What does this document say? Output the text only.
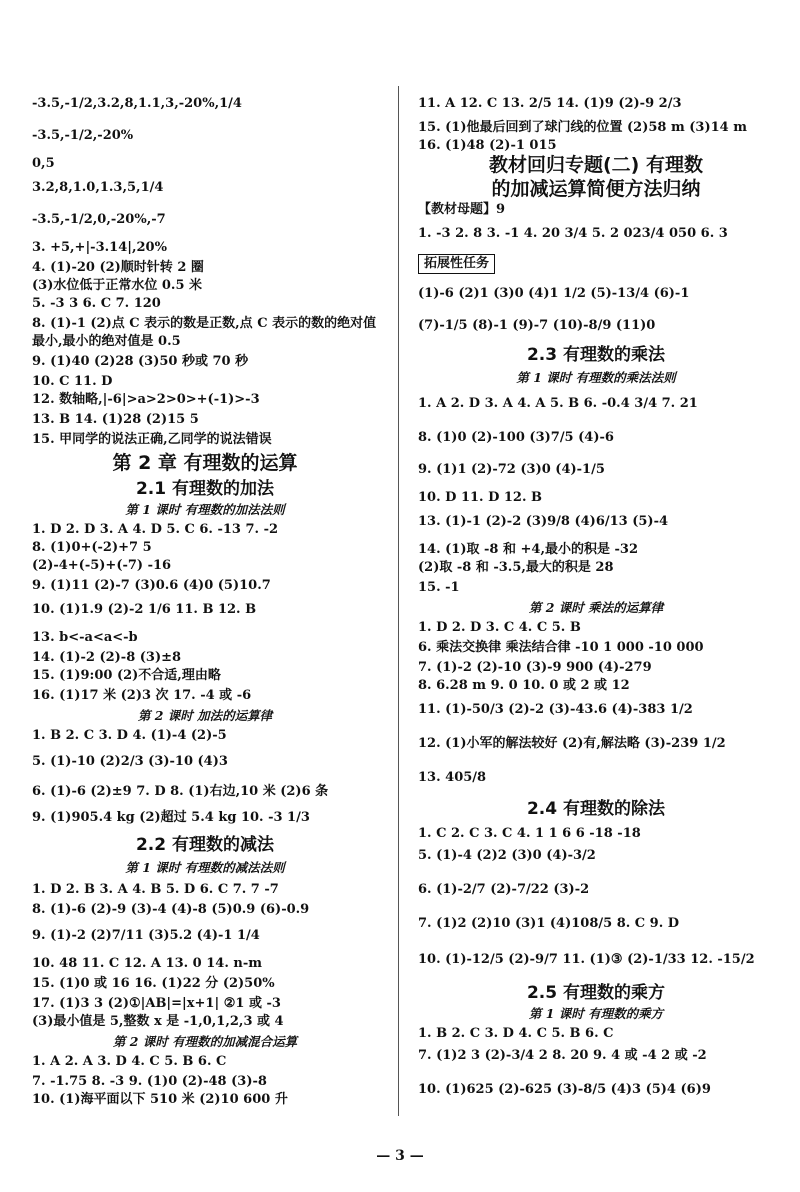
-3.5,-1/2,3.2,8,1.1,3,-20%,1/4
-3.5,-1/2,-20%
0,5
3.2,8,1.0,1.3,5,1/4
-3.5,-1/2,0,-20%,-7
3. +5,+|-3.14|,20%
4. (1)-20 (2)顺时针转 2 圈
(3)水位低于正常水位 0.5 米
5. -3 3 6. C 7. 120
8. (1)-1 (2)点 C 表示的数是正数,点 C 表示的数的绝对值
最小,最小的绝对值是 0.5
9. (1)40 (2)28 (3)50 秒或 70 秒
10. C 11. D
12. 数轴略,|-6|>a>2>0>+(-1)>-3
13. B 14. (1)28 (2)15 5
15. 甲同学的说法正确,乙同学的说法错误
第 2 章 有理数的运算
2.1 有理数的加法
第 1 课时 有理数的加法法则
1. D 2. D 3. A 4. D 5. C 6. -13 7. -2
8. (1)0+(-2)+7 5
(2)-4+(-5)+(-7) -16
9. (1)11 (2)-7 (3)0.6 (4)0 (5)10.7
10. (1)1.9 (2)-2 1/6 11. B 12. B
13. b<-a<a<-b
14. (1)-2 (2)-8 (3)±8
15. (1)9:00 (2)不合适,理由略
16. (1)17 米 (2)3 次 17. -4 或 -6
第 2 课时 加法的运算律
1. B 2. C 3. D 4. (1)-4 (2)-5
5. (1)-10 (2)2/3 (3)-10 (4)3
6. (1)-6 (2)±9 7. D 8. (1)右边,10 米 (2)6 条
9. (1)905.4 kg (2)超过 5.4 kg 10. -3 1/3
2.2 有理数的减法
第 1 课时 有理数的减法法则
1. D 2. B 3. A 4. B 5. D 6. C 7. 7 -7
8. (1)-6 (2)-9 (3)-4 (4)-8 (5)0.9 (6)-0.9
9. (1)-2 (2)7/11 (3)5.2 (4)-1 1/4
10. 48 11. C 12. A 13. 0 14. n-m
15. (1)0 或 16 16. (1)22 分 (2)50%
17. (1)3 3 (2)①|AB|=|x+1| ②1 或 -3
(3)最小值是 5,整数 x 是 -1,0,1,2,3 或 4
第 2 课时 有理数的加减混合运算
1. A 2. A 3. D 4. C 5. B 6. C
7. -1.75 8. -3 9. (1)0 (2)-48 (3)-8
10. (1)海平面以下 510 米 (2)10 600 升
11. A 12. C 13. 2/5 14. (1)9 (2)-9 2/3
15. (1)他最后回到了球门线的位置 (2)58 m (3)14 m
16. (1)48 (2)-1 015
教材回归专题(二) 有理数
的加减运算简便方法归纳
【教材母题】9
1. -3 2. 8 3. -1 4. 20 3/4 5. 2 023/4 050 6. 3
拓展性任务
(1)-6 (2)1 (3)0 (4)1 1/2 (5)-13/4 (6)-1
(7)-1/5 (8)-1 (9)-7 (10)-8/9 (11)0
2.3 有理数的乘法
第 1 课时 有理数的乘法法则
1. A 2. D 3. A 4. A 5. B 6. -0.4 3/4 7. 21
8. (1)0 (2)-100 (3)7/5 (4)-6
9. (1)1 (2)-72 (3)0 (4)-1/5
10. D 11. D 12. B
13. (1)-1 (2)-2 (3)9/8 (4)6/13 (5)-4
14. (1)取 -8 和 +4,最小的积是 -32
(2)取 -8 和 -3.5,最大的积是 28
15. -1
第 2 课时 乘法的运算律
1. D 2. D 3. C 4. C 5. B
6. 乘法交换律 乘法结合律 -10 1 000 -10 000
7. (1)-2 (2)-10 (3)-9 900 (4)-279
8. 6.28 m 9. 0 10. 0 或 2 或 12
11. (1)-50/3 (2)-2 (3)-43.6 (4)-383 1/2
12. (1)小军的解法较好 (2)有,解法略 (3)-239 1/2
13. 405/8
2.4 有理数的除法
1. C 2. C 3. C 4. 1 1 6 6 -18 -18
5. (1)-4 (2)2 (3)0 (4)-3/2
6. (1)-2/7 (2)-7/22 (3)-2
7. (1)2 (2)10 (3)1 (4)108/5 8. C 9. D
10. (1)-12/5 (2)-9/7 11. (1)③ (2)-1/33 12. -15/2
2.5 有理数的乘方
第 1 课时 有理数的乘方
1. B 2. C 3. D 4. C 5. B 6. C
7. (1)2 3 (2)-3/4 2 8. 20 9. 4 或 -4 2 或 -2
10. (1)625 (2)-625 (3)-8/5 (4)3 (5)4 (6)9
— 3 —
